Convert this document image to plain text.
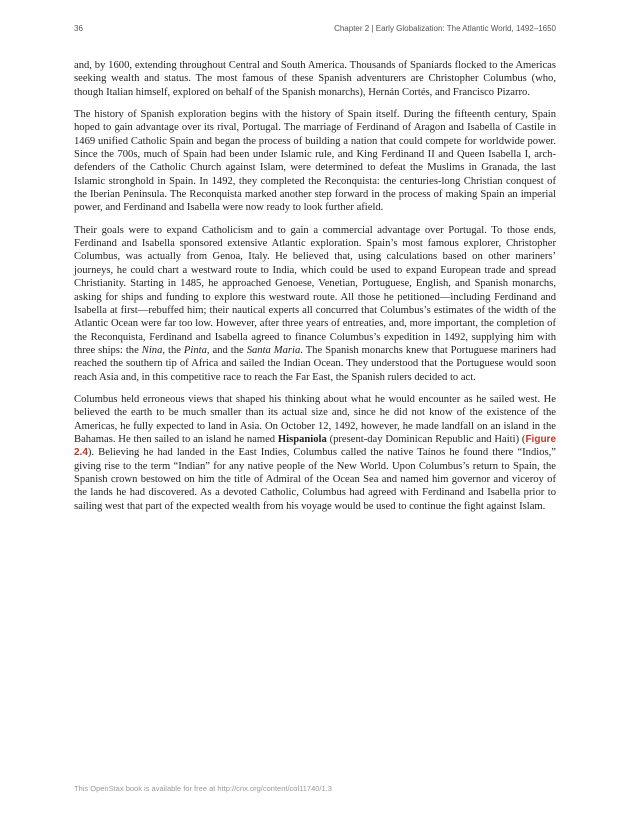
36	Chapter 2 | Early Globalization: The Atlantic World, 1492–1650

and, by 1600, extending throughout Central and South America. Thousands of Spaniards flocked to the Americas seeking wealth and status. The most famous of these Spanish adventurers are Christopher Columbus (who, though Italian himself, explored on behalf of the Spanish monarchs), Hernán Cortés, and Francisco Pizarro.

The history of Spanish exploration begins with the history of Spain itself. During the fifteenth century, Spain hoped to gain advantage over its rival, Portugal. The marriage of Ferdinand of Aragon and Isabella of Castile in 1469 unified Catholic Spain and began the process of building a nation that could compete for worldwide power. Since the 700s, much of Spain had been under Islamic rule, and King Ferdinand II and Queen Isabella I, arch-defenders of the Catholic Church against Islam, were determined to defeat the Muslims in Granada, the last Islamic stronghold in Spain. In 1492, they completed the Reconquista: the centuries-long Christian conquest of the Iberian Peninsula. The Reconquista marked another step forward in the process of making Spain an imperial power, and Ferdinand and Isabella were now ready to look further afield.

Their goals were to expand Catholicism and to gain a commercial advantage over Portugal. To those ends, Ferdinand and Isabella sponsored extensive Atlantic exploration. Spain’s most famous explorer, Christopher Columbus, was actually from Genoa, Italy. He believed that, using calculations based on other mariners’ journeys, he could chart a westward route to India, which could be used to expand European trade and spread Christianity. Starting in 1485, he approached Genoese, Venetian, Portuguese, English, and Spanish monarchs, asking for ships and funding to explore this westward route. All those he petitioned—including Ferdinand and Isabella at first—rebuffed him; their nautical experts all concurred that Columbus’s estimates of the width of the Atlantic Ocean were far too low. However, after three years of entreaties, and, more important, the completion of the Reconquista, Ferdinand and Isabella agreed to finance Columbus’s expedition in 1492, supplying him with three ships: the Nina, the Pinta, and the Santa Maria. The Spanish monarchs knew that Portuguese mariners had reached the southern tip of Africa and sailed the Indian Ocean. They understood that the Portuguese would soon reach Asia and, in this competitive race to reach the Far East, the Spanish rulers decided to act.

Columbus held erroneous views that shaped his thinking about what he would encounter as he sailed west. He believed the earth to be much smaller than its actual size and, since he did not know of the existence of the Americas, he fully expected to land in Asia. On October 12, 1492, however, he made landfall on an island in the Bahamas. He then sailed to an island he named Hispaniola (present-day Dominican Republic and Haiti) (Figure 2.4). Believing he had landed in the East Indies, Columbus called the native Taínos he found there “Indios,” giving rise to the term “Indian” for any native people of the New World. Upon Columbus’s return to Spain, the Spanish crown bestowed on him the title of Admiral of the Ocean Sea and named him governor and viceroy of the lands he had discovered. As a devoted Catholic, Columbus had agreed with Ferdinand and Isabella prior to sailing west that part of the expected wealth from his voyage would be used to continue the fight against Islam.

This OpenStax book is available for free at http://cnx.org/content/col11740/1.3
